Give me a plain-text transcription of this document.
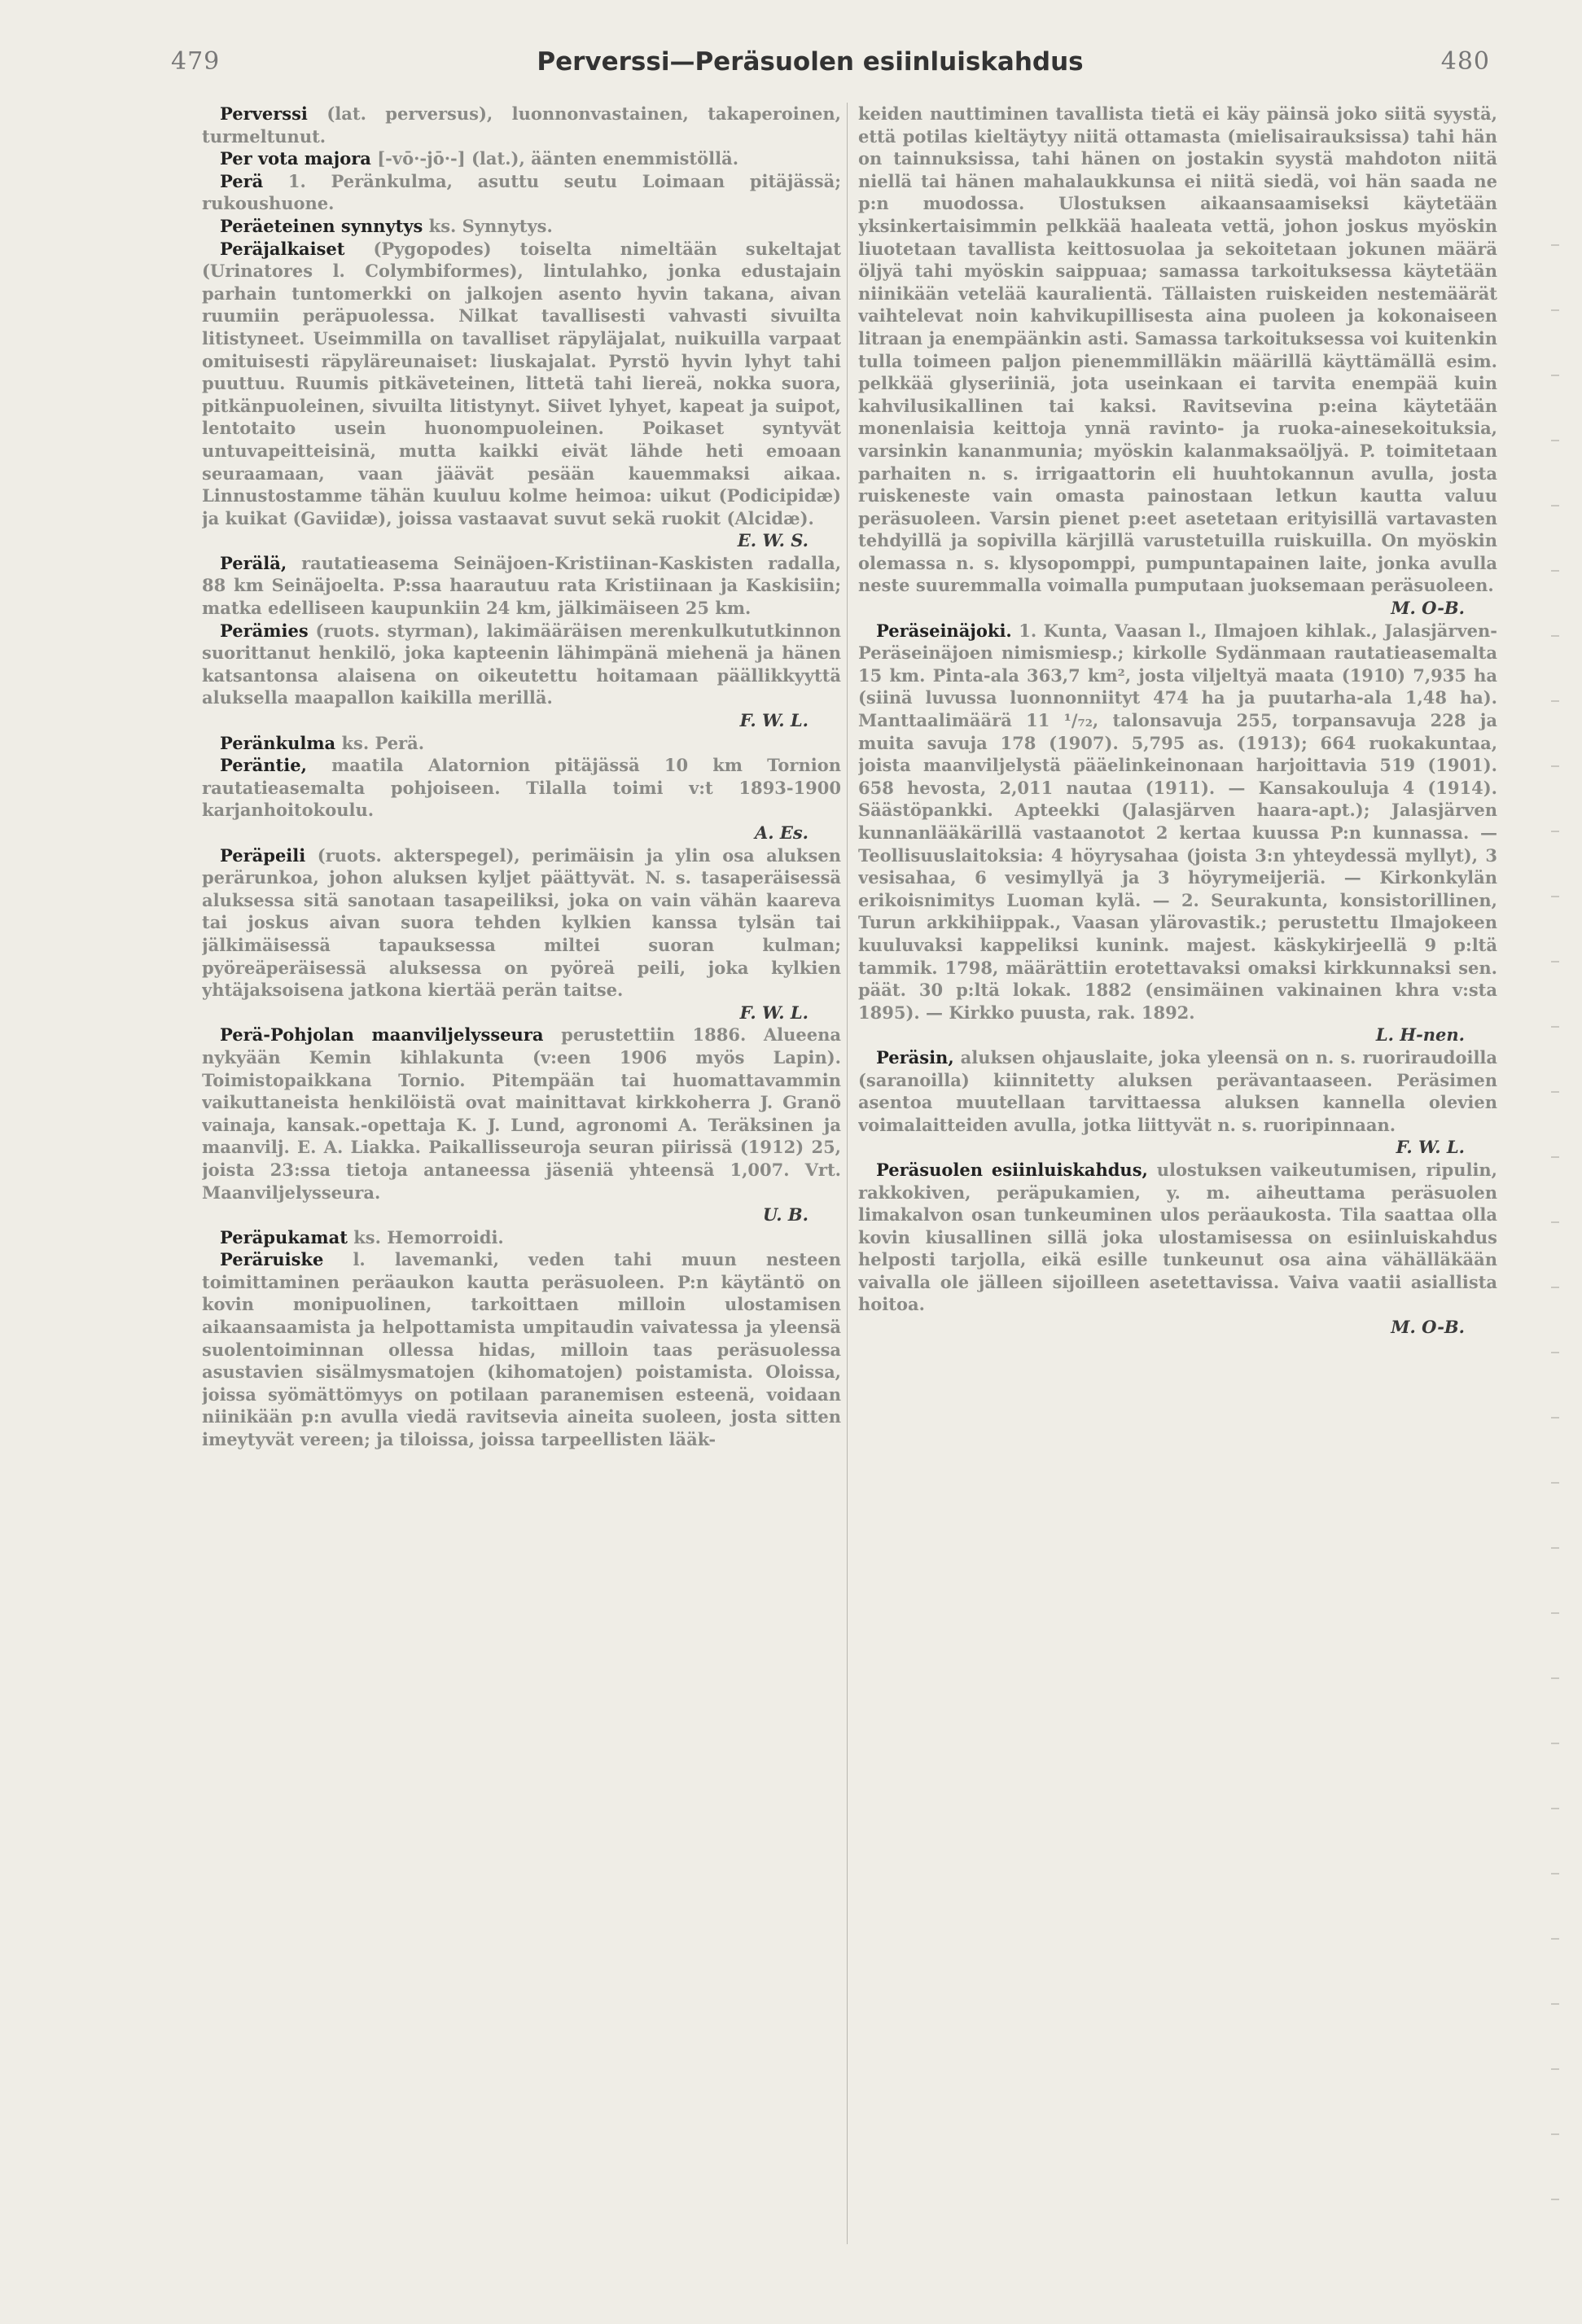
479	Perverssi—Peräsuolen esiinluiskahdus	480

Perverssi (lat. perversus), luonnonvastainen, takaperoinen, turmeltunut.

Per vota majora [-vō·-jō·-] (lat.), äänten enemmistöllä.

Perä 1. Peränkulma, asuttu seutu Loimaan pitäjässä; rukoushuone.

Peräeteinen synnytys ks. Synnytys.

Peräjalkaiset (Pygopodes) toiselta nimeltään sukeltajat (Urinatores l. Colymbiformes), lintulahko, jonka edustajain parhain tuntomerkki on jalkojen asento hyvin takana, aivan ruumiin peräpuolessa. Nilkat tavallisesti vahvasti sivuilta litistyneet. Useimmilla on tavalliset räpyläjalat, nuikuilla varpaat omituisesti räpyläreunaiset: liuskajalat. Pyrstö hyvin lyhyt tahi puuttuu. Ruumis pitkäveteinen, littetä tahi liereä, nokka suora, pitkänpuoleinen, sivuilta litistynyt. Siivet lyhyet, kapeat ja suipot, lentotaito usein huonompuoleinen. Poikaset syntyvät untuvapeitteisinä, mutta kaikki eivät lähde heti emoaan seuraamaan, vaan jäävät pesään kauemmaksi aikaa. Linnustostamme tähän kuuluu kolme heimoa: uikut (Podicipidæ) ja kuikat (Gaviidæ), joissa vastaavat suvut sekä ruokit (Alcidæ).
E. W. S.

Perälä, rautatieasema Seinäjoen-Kristiinan-Kaskisten radalla, 88 km Seinäjoelta. P:ssa haarautuu rata Kristiinaan ja Kaskisiin; matka edelliseen kaupunkiin 24 km, jälkimäiseen 25 km.

Perämies (ruots. styrman), lakimääräisen merenkulkututkinnon suorittanut henkilö, joka kapteenin lähimpänä miehenä ja hänen katsantonsa alaisena on oikeutettu hoitamaan päällikkyyttä aluksella maapallon kaikilla merillä.
F. W. L.

Peränkulma ks. Perä.

Peräntie, maatila Alatornion pitäjässä 10 km Tornion rautatieasemalta pohjoiseen. Tilalla toimi v:t 1893-1900 karjanhoitokoulu.
A. Es.

Peräpeili (ruots. akterspegel), perimäisin ja ylin osa aluksen perärunkoa, johon aluksen kyljet päättyvät. N. s. tasaperäisessä aluksessa sitä sanotaan tasapeiliksi, joka on vain vähän kaareva tai joskus aivan suora tehden kylkien kanssa tylsän tai jälkimäisessä tapauksessa miltei suoran kulman; pyöreäperäisessä aluksessa on pyöreä peili, joka kylkien yhtäjaksoisena jatkona kiertää perän taitse.
F. W. L.

Perä-Pohjolan maanviljelysseura perustettiin 1886. Alueena nykyään Kemin kihlakunta (v:een 1906 myös Lapin). Toimistopaikkana Tornio. Pitempään tai huomattavammin vaikuttaneista henkilöistä ovat mainittavat kirkkoherra J. Granö vainaja, kansak.-opettaja K. J. Lund, agronomi A. Teräksinen ja maanvilj. E. A. Liakka. Paikallisseuroja seuran piirissä (1912) 25, joista 23:ssa tietoja antaneessa jäseniä yhteensä 1,007. Vrt. Maanviljelysseura.
U. B.

Peräpukamat ks. Hemorroidi.

Peräruiske l. lavemanki, veden tahi muun nesteen toimittaminen peräaukon kautta peräsuoleen. P:n käytäntö on kovin monipuolinen, tarkoittaen milloin ulostamisen aikaansaamista ja helpottamista umpitaudin vaivatessa ja yleensä suolentoiminnan ollessa hidas, milloin taas peräsuolessa asustavien sisälmysmatojen (kihomatojen) poistamista. Oloissa, joissa syömättömyys on potilaan paranemisen esteenä, voidaan niinikään p:n avulla viedä ravitsevia aineita suoleen, josta sitten imeytyvät vereen; ja tiloissa, joissa tarpeellisten lääk-

keiden nauttiminen tavallista tietä ei käy päinsä joko siitä syystä, että potilas kieltäytyy niitä ottamasta (mielisairauksissa) tahi hän on tainnuksissa, tahi hänen on jostakin syystä mahdoton niitä niellä tai hänen mahalaukkunsa ei niitä siedä, voi hän saada ne p:n muodossa. Ulostuksen aikaansaamiseksi käytetään yksinkertaisimmin pelkkää haaleata vettä, johon joskus myöskin liuotetaan tavallista keittosuolaa ja sekoitetaan jokunen määrä öljyä tahi myöskin saippuaa; samassa tarkoituksessa käytetään niinikään vetelää kauralientä. Tällaisten ruiskeiden nestemäärät vaihtelevat noin kahvikupillisesta aina puoleen ja kokonaiseen litraan ja enempäänkin asti. Samassa tarkoituksessa voi kuitenkin tulla toimeen paljon pienemmilläkin määrillä käyttämällä esim. pelkkää glyseriiniä, jota useinkaan ei tarvita enempää kuin kahvilusikallinen tai kaksi. Ravitsevina p:eina käytetään monenlaisia keittoja ynnä ravinto- ja ruoka-ainesekoituksia, varsinkin kananmunia; myöskin kalanmaksaöljyä. P. toimitetaan parhaiten n. s. irrigaattorin eli huuhtokannun avulla, josta ruiskeneste vain omasta painostaan letkun kautta valuu peräsuoleen. Varsin pienet p:eet asetetaan erityisillä vartavasten tehdyillä ja sopivilla kärjillä varustetuilla ruiskuilla. On myöskin olemassa n. s. klysopomppi, pumpuntapainen laite, jonka avulla neste suuremmalla voimalla pumputaan juoksemaan peräsuoleen.
M. O-B.

Peräseinäjoki. 1. Kunta, Vaasan l., Ilmajoen kihlak., Jalasjärven-Peräseinäjoen nimismiesp.; kirkolle Sydänmaan rautatieasemalta 15 km. Pinta-ala 363,7 km², josta viljeltyä maata (1910) 7,935 ha (siinä luvussa luonnonniityt 474 ha ja puutarha-ala 1,48 ha). Manttaalimäärä 11 ¹/₇₂, talonsavuja 255, torpansavuja 228 ja muita savuja 178 (1907). 5,795 as. (1913); 664 ruokakuntaa, joista maanviljelystä pääelinkeinonaan harjoittavia 519 (1901). 658 hevosta, 2,011 nautaa (1911). — Kansakouluja 4 (1914). Säästöpankki. Apteekki (Jalasjärven haara-apt.); Jalasjärven kunnanlääkärillä vastaanotot 2 kertaa kuussa P:n kunnassa. — Teollisuuslaitoksia: 4 höyrysahaa (joista 3:n yhteydessä myllyt), 3 vesisahaa, 6 vesimyllyä ja 3 höyrymeijeriä. — Kirkonkylän erikoisnimitys Luoman kylä. — 2. Seurakunta, konsistorillinen, Turun arkkihiippak., Vaasan ylärovastik.; perustettu Ilmajokeen kuuluvaksi kappeliksi kunink. majest. käskykirjeellä 9 p:ltä tammik. 1798, määrättiin erotettavaksi omaksi kirkkunnaksi sen. päät. 30 p:ltä lokak. 1882 (ensimäinen vakinainen khra v:sta 1895). — Kirkko puusta, rak. 1892.
L. H-nen.

Peräsin, aluksen ohjauslaite, joka yleensä on n. s. ruoriraudoilla (saranoilla) kiinnitetty aluksen perävantaaseen. Peräsimen asentoa muutellaan tarvittaessa aluksen kannella olevien voimalaitteiden avulla, jotka liittyvät n. s. ruoripinnaan.
F. W. L.

Peräsuolen esiinluiskahdus, ulostuksen vaikeutumisen, ripulin, rakkokiven, peräpukamien, y. m. aiheuttama peräsuolen limakalvon osan tunkeuminen ulos peräaukosta. Tila saattaa olla kovin kiusallinen sillä joka ulostamisessa on esiinluiskahdus helposti tarjolla, eikä esille tunkeunut osa aina vähälläkään vaivalla ole jälleen sijoilleen asetettavissa. Vaiva vaatii asiallista hoitoa.
M. O-B.
